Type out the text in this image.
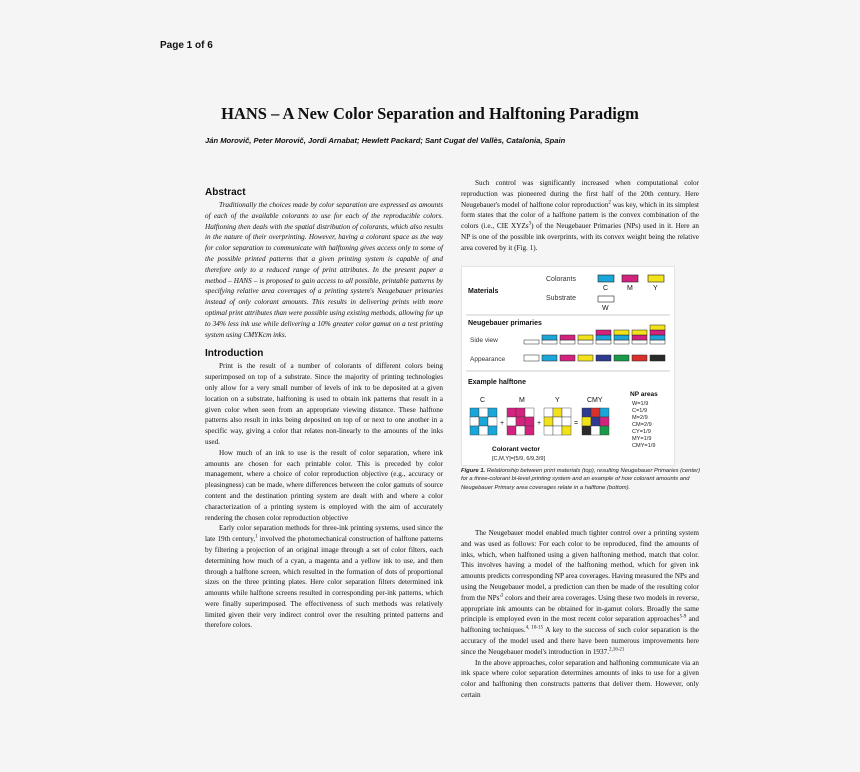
Page 1 of 6
HANS – A New Color Separation and Halftoning Paradigm
Ján Morovič, Peter Morovič, Jordi Arnabat; Hewlett Packard; Sant Cugat del Vallès, Catalonia, Spain
Abstract

Traditionally the choices made by color separation are expressed as amounts of each of the available colorants to use for each of the reproducible colors. Halftoning then deals with the spatial distribution of colorants, which also results in the nature of their overprinting. However, having a colorant space as the way for color separation to communicate with halftoning gives access only to some of the possible printed patterns that a given printing system is capable of and therefore only to a reduced range of print attributes. In the present paper a method – HANS – is proposed to gain access to all possible, printable patterns by specifying relative area coverages of a printing system's Neugebauer primaries instead of only colorant amounts. This results in delivering prints with more optimal print attributes than were possible using existing methods, allowing for up to 34% less ink use while delivering a 10% greater color gamut on a test printing system using CMYKcm inks.

Introduction

Print is the result of a number of colorants of different colors being superimposed on top of a substrate. Since the majority of printing technologies only allow for a very small number of levels of ink to be deposited at a given location on a substrate, halftoning is used to obtain ink patterns that result in a given color when seen from an appropriate viewing distance. These halftone patterns also result in inks being deposited on top of or next to one another in a specific way, giving a color that relates non-linearly to the amounts of the inks used.

How much of an ink to use is the result of color separation, where ink amounts are chosen for each printable color. This is preceded by color management, where a choice of color reproduction objective (e.g., accuracy or pleasingness) can be made, where differences between the color gamuts of source content and the destination printing system are dealt with and where a color characterization of a printing system is employed with the aim of accurately rendering the chosen color reproduction objective

Early color separation methods for three-ink printing systems, used since the late 19th century,$^1$ involved the photomechanical construction of halftone patterns by filtering a projection of an original image through a set of color filters, each determining how much of a cyan, a magenta and a yellow ink to use, and then through a halftone screen, which resulted in the formation of dots of proportional sizes on the three printing plates. Here color separation filters determined ink amounts while halftone screens resulted in corresponding per-ink patterns, which were finally superimposed. The effectiveness of such methods was relatively limited given their very indirect control over the resulting printed patterns and therefore colors.

Such control was significantly increased when computational color reproduction was pioneered during the first half of the 20th century. Here Neugebauer's model of halftone color reproduction$^2$ was key, which in its simplest form states that the color of a halftone pattern is the convex combination of the colors (i.e., CIE XYZs$^3$) of the Neugebauer Primaries (NPs) used in it. Here an NP is one of the possible ink overprints, with its convex weight being the relative area covered by it (Fig. 1).

Materials
Colorants
C	M	Y
Substrate
W
Neugebauer primaries
Side view
Appearance
Example halftone
C	M	Y	CMY
+	+	=
NP areas
W=1/9
C=1/9
M=2/9
CM=2/9
CY=1/9
MY=1/9
CMY=1/9
Colorant vector
[C,M,Y]=[5/9, 6/9,3/9]
Figure 1. Relationship between print materials (top), resulting Neugebauer Primaries (center) for a three-colorant bi-level printing system and an example of how colorant amounts and Neugebauer Primary area coverages relate in a halftone (bottom).

The Neugebauer model enabled much tighter control over a printing system and was used as follows: For each color to be reproduced, find the amounts of inks, which, when halftoned using a given halftoning method, match that color. This involves having a model of the halftoning method, which for given ink amounts predicts corresponding NP area coverages. Having measured the NPs and using the Neugebauer model, a prediction can then be made of the resulting color from the $NPs'^3$ colors and their area coverages. Using these two models in reverse, appropriate ink amounts can be obtained for in-gamut colors. Broadly the same principle is employed even in the most recent color separation approaches$^{5-9}$ and halftoning techniques.$^{4, 10-15}$ A key to the success of such color separation is the accuracy of the model used and there have been numerous improvements here since the Neugebauer model's introduction in 1937.$^{2,16-21}$

In the above approaches, color separation and halftoning communicate via an ink space where color separation determines amounts of inks to use for a given color and halftoning then constructs patterns that deliver them. However, only certain
